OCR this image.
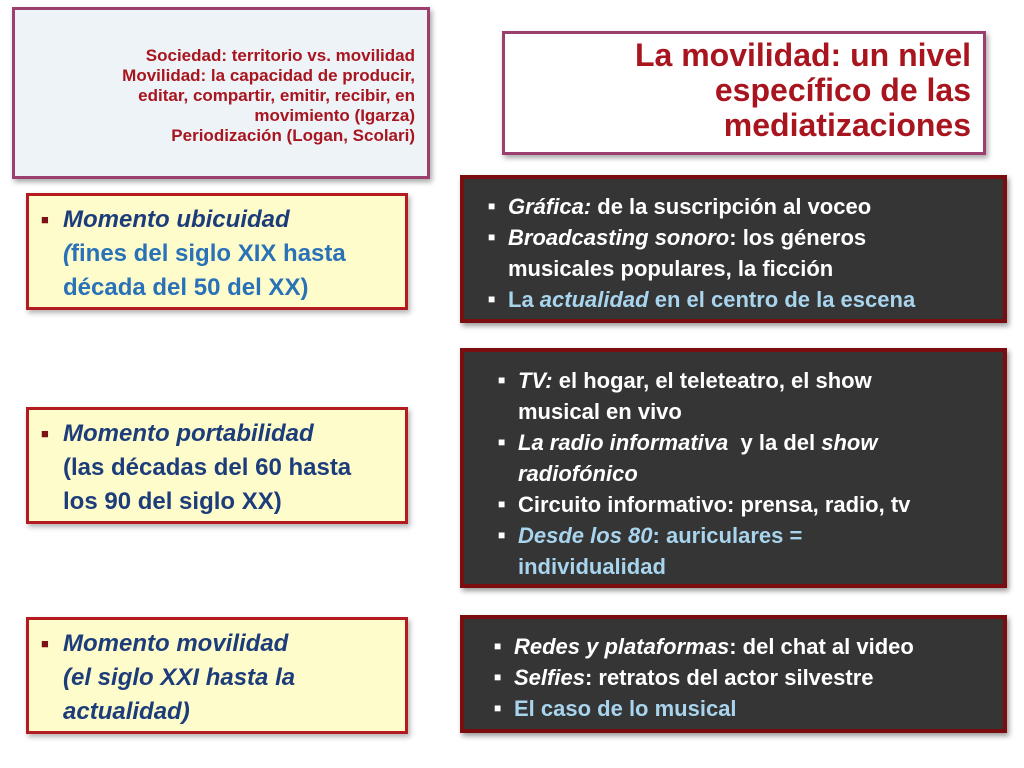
Sociedad: territorio vs. movilidad
Movilidad: la capacidad de producir,
editar, compartir, emitir, recibir, en
movimiento (Igarza)
Periodización (Logan, Scolari)
La movilidad: un nivel
específico de las
mediatizaciones
■ Momento ubicuidad
(fines del siglo XIX hasta
década del 50 del XX)
■ Momento portabilidad
(las décadas del 60 hasta
los 90 del siglo XX)
■ Momento movilidad
(el siglo XXI hasta la
actualidad)
■ Gráfica: de la suscripción al voceo
■ Broadcasting sonoro: los géneros
musicales populares, la ficción
■ La actualidad en el centro de la escena
■ TV: el hogar, el teleteatro, el show
musical en vivo
■ La radio informativa  y la del show
radiofónico
■ Circuito informativo: prensa, radio, tv
■ Desde los 80: auriculares =
individualidad
■ Redes y plataformas: del chat al video
■ Selfies: retratos del actor silvestre
■ El caso de lo musical
